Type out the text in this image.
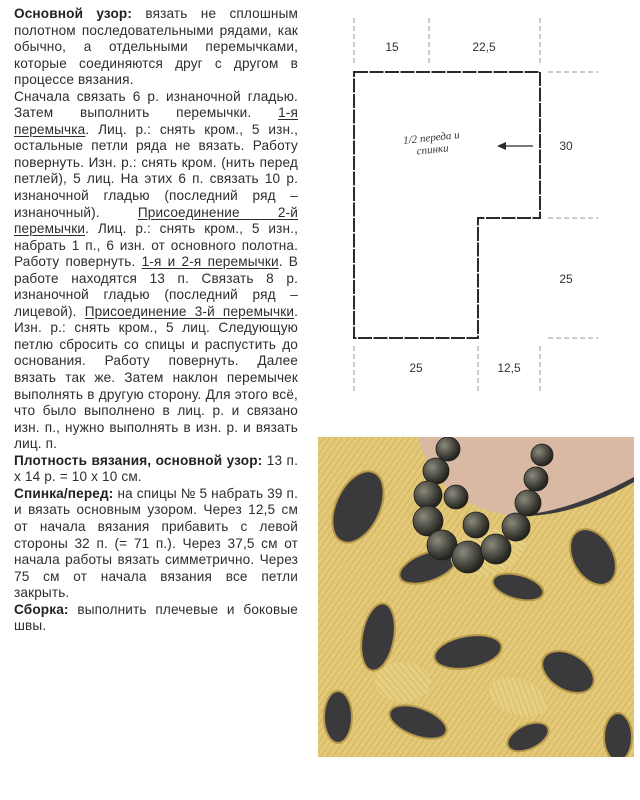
Основной узор: вязать не сплошным полотном последовательными рядами, как обычно, а отдельными перемычками, которые соединяются друг с другом в процессе вязания.

Сначала связать 6 р. изнаночной гладью. Затем выполнить перемычки. 1-я перемычка. Лиц. р.: снять кром., 5 изн., остальные петли ряда не вязать. Работу повернуть. Изн. р.: снять кром. (нить перед петлей), 5 лиц. На этих 6 п. связать 10 р. изнаночной гладью (последний ряд – изнаночный). Присоединение 2-й перемычки. Лиц. р.: снять кром., 5 изн., набрать 1 п., 6 изн. от основного полотна. Работу повернуть. 1-я и 2-я перемычки. В работе находятся 13 п. Связать 8 р. изнаночной гладью (последний ряд – лицевой). Присоединение 3-й перемычки. Изн. р.: снять кром., 5 лиц. Следующую петлю сбросить со спицы и распустить до основания. Работу повернуть. Далее вязать так же. Затем наклон перемычек выполнять в другую сторону. Для этого всё, что было выполнено в лиц. р. и связано изн. п., нужно выполнять в изн. р. и вязать лиц. п.

Плотность вязания, основной узор: 13 п. х 14 р. = 10 х 10 см.

Спинка/перед: на спицы № 5 набрать 39 п. и вязать основным узором. Через 12,5 см от начала вязания прибавить с левой стороны 32 п. (= 71 п.). Через 37,5 см от начала работы вязать симметрично. Через 75 см от начала вязания все петли закрыть.

Сборка: выполнить плечевые и боковые швы.

15	22,5
30
25
25	12,5
1/2 переда и спинки
